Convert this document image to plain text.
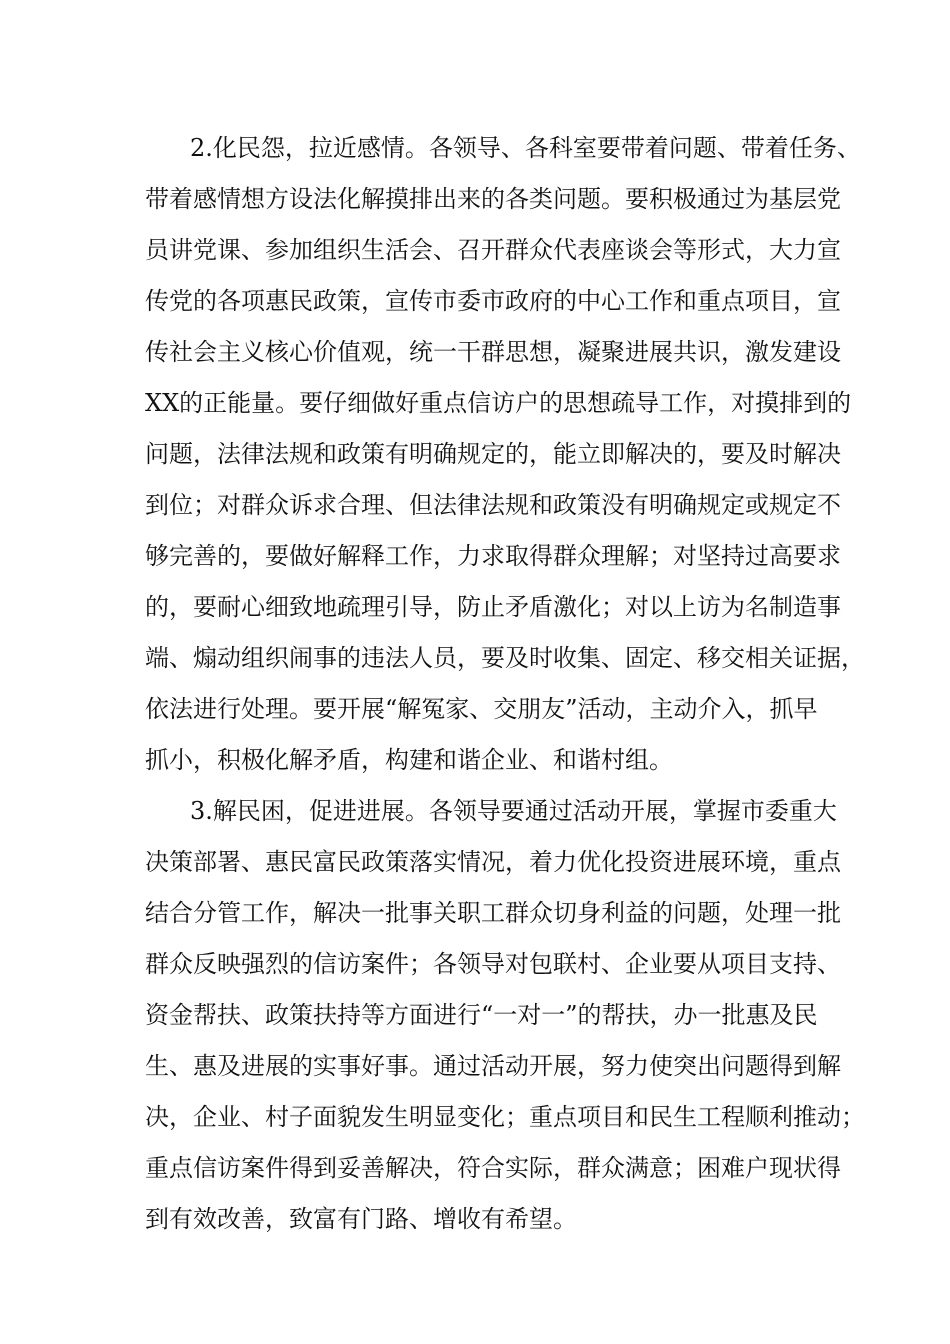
2.化民怨，拉近感情。各领导、各科室要带着问题、带着任务、
带着感情想方设法化解摸排出来的各类问题。要积极通过为基层党
员讲党课、参加组织生活会、召开群众代表座谈会等形式，大力宣
传党的各项惠民政策，宣传市委市政府的中心工作和重点项目，宣
传社会主义核心价值观，统一干群思想，凝聚进展共识，激发建设
XX的正能量。要仔细做好重点信访户的思想疏导工作，对摸排到的
问题，法律法规和政策有明确规定的，能立即解决的，要及时解决
到位；对群众诉求合理、但法律法规和政策没有明确规定或规定不
够完善的，要做好解释工作，力求取得群众理解；对坚持过高要求
的，要耐心细致地疏理引导，防止矛盾激化；对以上访为名制造事
端、煽动组织闹事的违法人员，要及时收集、固定、移交相关证据，
依法进行处理。要开展“解冤家、交朋友”活动，主动介入，抓早
抓小，积极化解矛盾，构建和谐企业、和谐村组。
3.解民困，促进进展。各领导要通过活动开展，掌握市委重大
决策部署、惠民富民政策落实情况，着力优化投资进展环境，重点
结合分管工作，解决一批事关职工群众切身利益的问题，处理一批
群众反映强烈的信访案件；各领导对包联村、企业要从项目支持、
资金帮扶、政策扶持等方面进行“一对一”的帮扶，办一批惠及民
生、惠及进展的实事好事。通过活动开展，努力使突出问题得到解
决，企业、村子面貌发生明显变化；重点项目和民生工程顺利推动；
重点信访案件得到妥善解决，符合实际，群众满意；困难户现状得
到有效改善，致富有门路、增收有希望。
